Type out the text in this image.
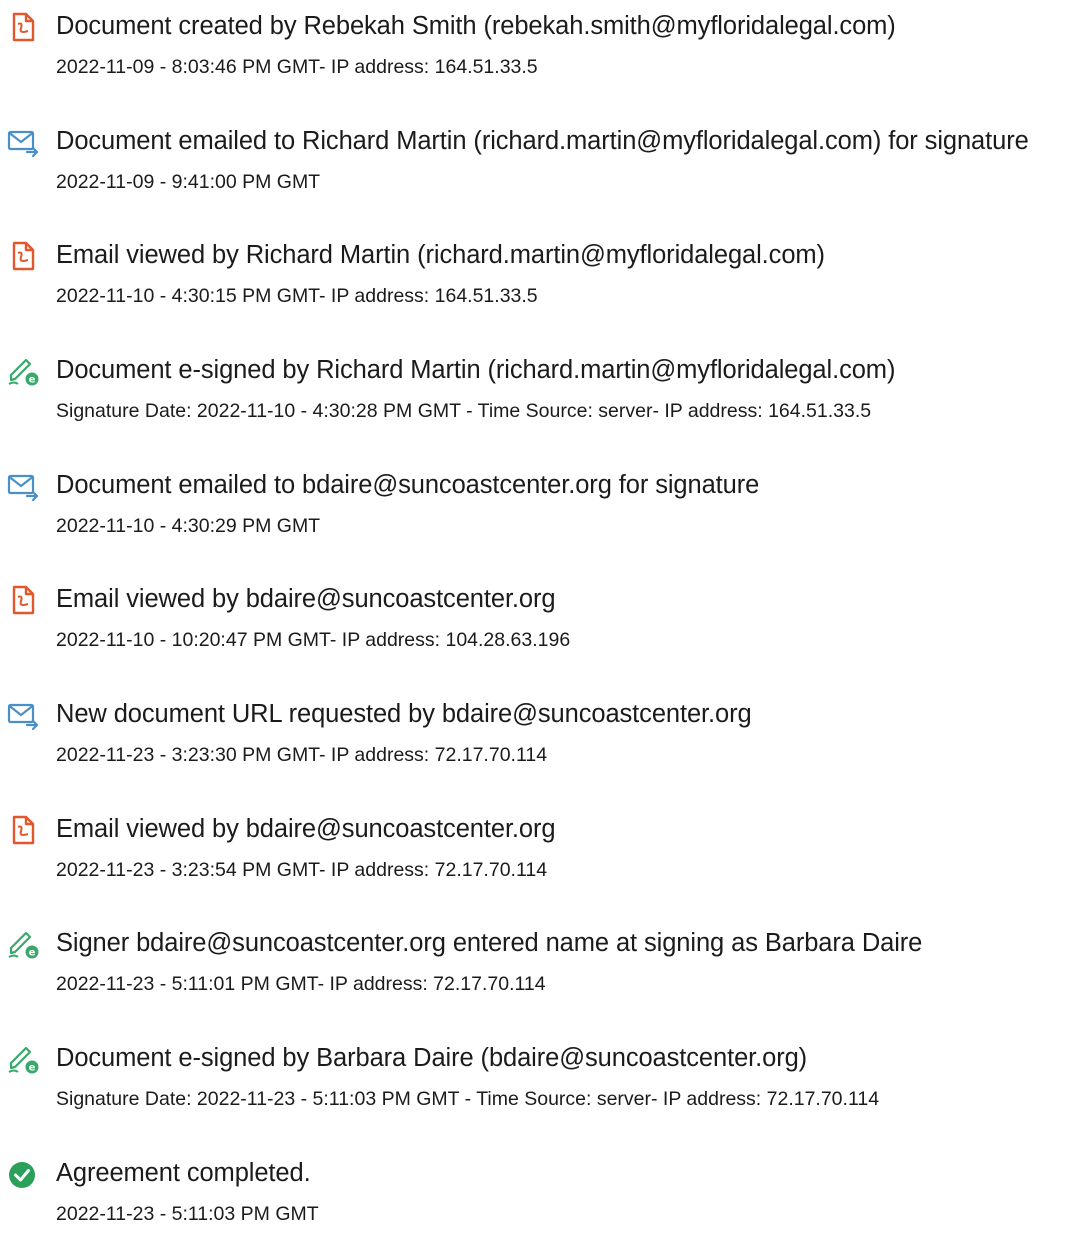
Document created by Rebekah Smith (rebekah.smith@myfloridalegal.com)
2022-11-09 - 8:03:46 PM GMT- IP address: 164.51.33.5
Document emailed to Richard Martin (richard.martin@myfloridalegal.com) for signature
2022-11-09 - 9:41:00 PM GMT
Email viewed by Richard Martin (richard.martin@myfloridalegal.com)
2022-11-10 - 4:30:15 PM GMT- IP address: 164.51.33.5
e Document e-signed by Richard Martin (richard.martin@myfloridalegal.com)
Signature Date: 2022-11-10 - 4:30:28 PM GMT - Time Source: server- IP address: 164.51.33.5
Document emailed to bdaire@suncoastcenter.org for signature
2022-11-10 - 4:30:29 PM GMT
Email viewed by bdaire@suncoastcenter.org
2022-11-10 - 10:20:47 PM GMT- IP address: 104.28.63.196
New document URL requested by bdaire@suncoastcenter.org
2022-11-23 - 3:23:30 PM GMT- IP address: 72.17.70.114
Email viewed by bdaire@suncoastcenter.org
2022-11-23 - 3:23:54 PM GMT- IP address: 72.17.70.114
e Signer bdaire@suncoastcenter.org entered name at signing as Barbara Daire
2022-11-23 - 5:11:01 PM GMT- IP address: 72.17.70.114
e Document e-signed by Barbara Daire (bdaire@suncoastcenter.org)
Signature Date: 2022-11-23 - 5:11:03 PM GMT - Time Source: server- IP address: 72.17.70.114
Agreement completed.
2022-11-23 - 5:11:03 PM GMT
